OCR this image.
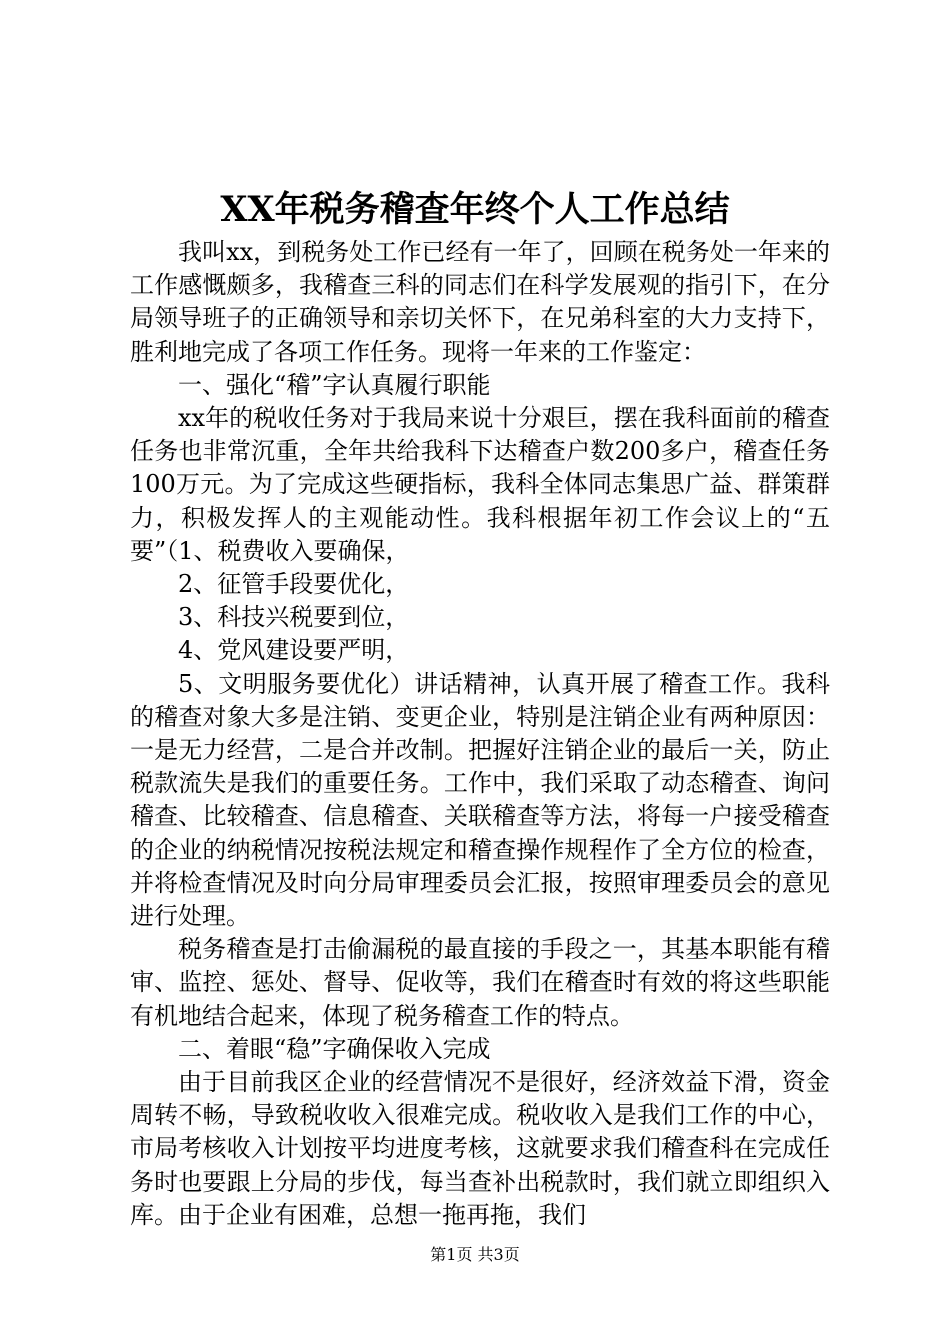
XX年税务稽查年终个人工作总结

我叫xx，到税务处工作已经有一年了，回顾在税务处一年来的工作感慨颇多，我稽查三科的同志们在科学发展观的指引下，在分局领导班子的正确领导和亲切关怀下，在兄弟科室的大力支持下，胜利地完成了各项工作任务。现将一年来的工作鉴定：

一、强化“稽”字认真履行职能

xx年的税收任务对于我局来说十分艰巨，摆在我科面前的稽查任务也非常沉重，全年共给我科下达稽查户数200多户，稽查任务100万元。为了完成这些硬指标，我科全体同志集思广益、群策群力，积极发挥人的主观能动性。我科根据年初工作会议上的“五要”（1、税费收入要确保，

2、征管手段要优化，

3、科技兴税要到位，

4、党风建设要严明，

5、文明服务要优化）讲话精神，认真开展了稽查工作。我科的稽查对象大多是注销、变更企业，特别是注销企业有两种原因：一是无力经营，二是合并改制。把握好注销企业的最后一关，防止税款流失是我们的重要任务。工作中，我们采取了动态稽查、询问稽查、比较稽查、信息稽查、关联稽查等方法，将每一户接受稽查的企业的纳税情况按税法规定和稽查操作规程作了全方位的检查，并将检查情况及时向分局审理委员会汇报，按照审理委员会的意见进行处理。

税务稽查是打击偷漏税的最直接的手段之一，其基本职能有稽审、监控、惩处、督导、促收等，我们在稽查时有效的将这些职能有机地结合起来，体现了税务稽查工作的特点。

二、着眼“稳”字确保收入完成

由于目前我区企业的经营情况不是很好，经济效益下滑，资金周转不畅，导致税收收入很难完成。税收收入是我们工作的中心，市局考核收入计划按平均进度考核，这就要求我们稽查科在完成任务时也要跟上分局的步伐，每当查补出税款时，我们就立即组织入库。由于企业有困难，总想一拖再拖，我们

第1页 共3页
